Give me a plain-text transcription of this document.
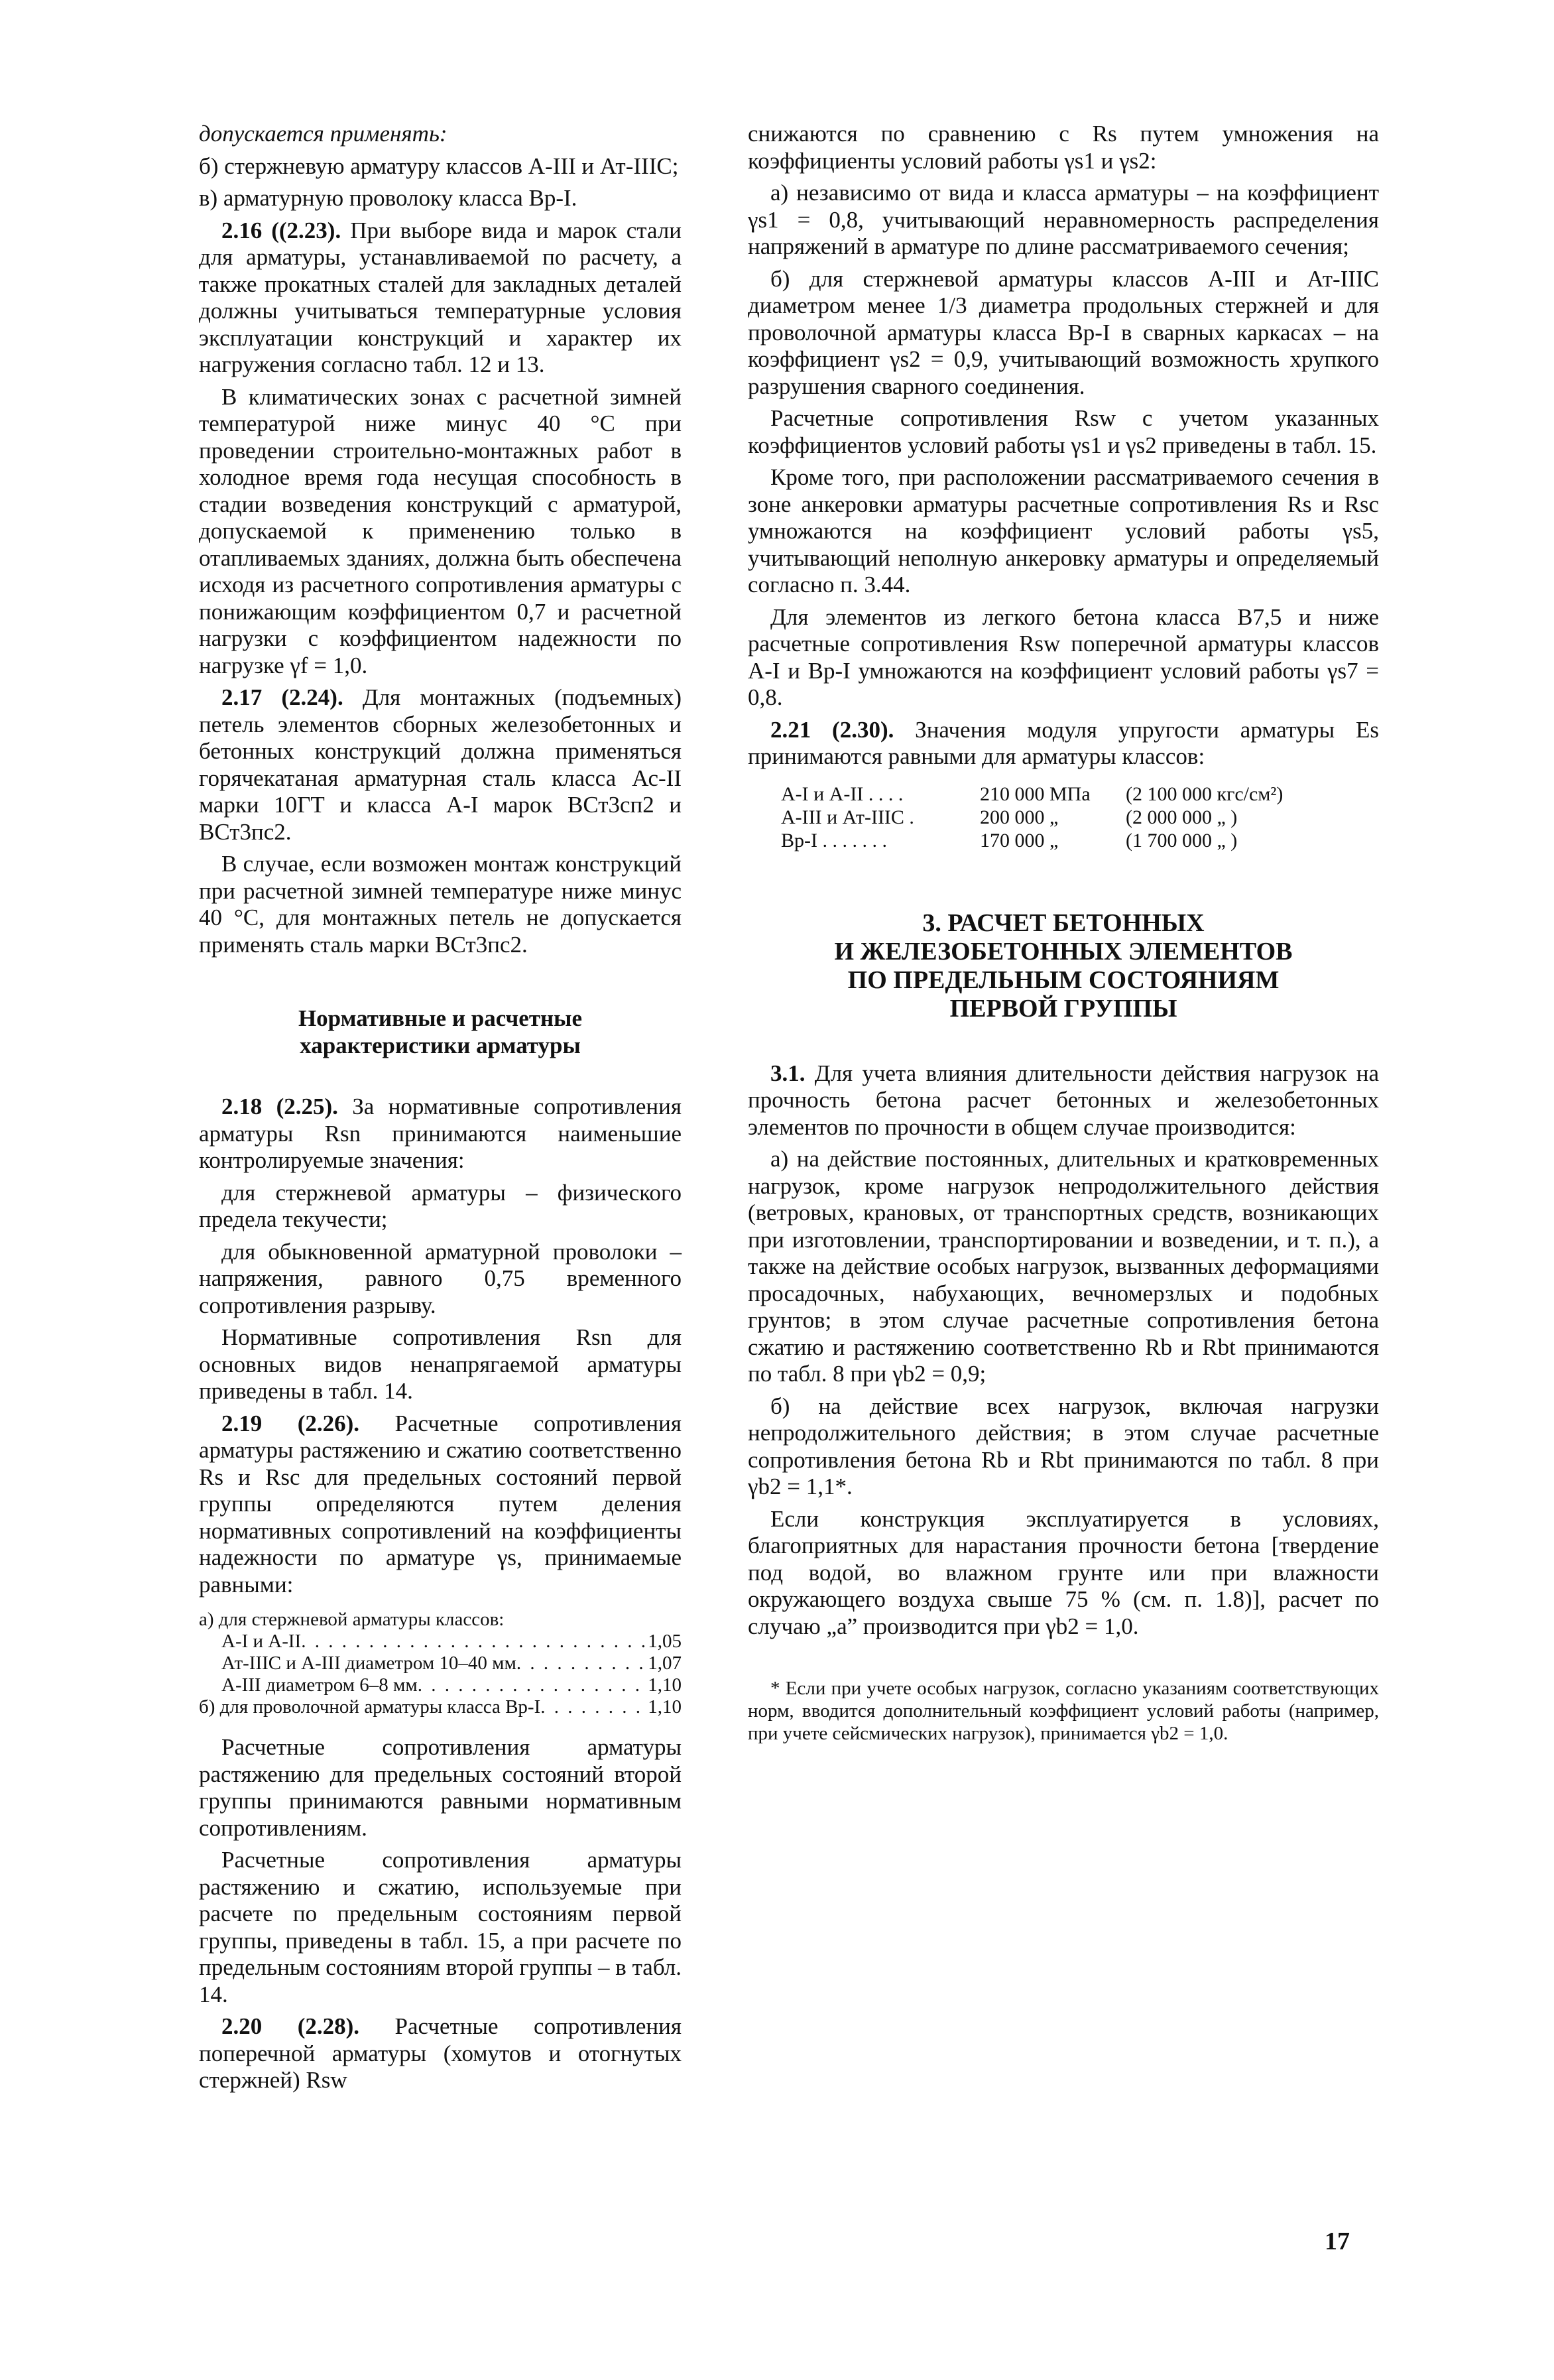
допускается применять:

б) стержневую арматуру классов А-III и Ат-IIIС;

в) арматурную проволоку класса Вр-I.

2.16 ((2.23). При выборе вида и марок стали для арматуры, устанавливаемой по расчету, а также прокатных сталей для закладных деталей должны учитываться температурные условия эксплуатации конструкций и характер их нагружения согласно табл. 12 и 13.

В климатических зонах с расчетной зимней температурой ниже минус 40 °С при проведении строительно-монтажных работ в холодное время года несущая способность в стадии возведения конструкций с арматурой, допускаемой к применению только в отапливаемых зданиях, должна быть обеспечена исходя из расчетного сопротивления арматуры с понижающим коэффициентом 0,7 и расчетной нагрузки с коэффициентом надежности по нагрузке γf = 1,0.

2.17 (2.24). Для монтажных (подъемных) петель элементов сборных железобетонных и бетонных конструкций должна применяться горячекатаная арматурная сталь класса Ас-II марки 10ГТ и класса А-I марок ВСт3сп2 и ВСт3пс2.

В случае, если возможен монтаж конструкций при расчетной зимней температуре ниже минус 40 °С, для монтажных петель не допускается применять сталь марки ВСт3пс2.

Нормативные и расчетные
характеристики арматуры

2.18 (2.25). За нормативные сопротивления арматуры Rsn принимаются наименьшие контролируемые значения:

для стержневой арматуры – физического предела текучести;

для обыкновенной арматурной проволоки – напряжения, равного 0,75 временного сопротивления разрыву.

Нормативные сопротивления Rsn для основных видов ненапрягаемой арматуры приведены в табл. 14.

2.19 (2.26). Расчетные сопротивления арматуры растяжению и сжатию соответственно Rs и Rsc для предельных состояний первой группы определяются путем деления нормативных сопротивлений на коэффициенты надежности по арматуре γs, принимаемые равными:

а) для стержневой арматуры классов:
А-I и А-II . . .	1,05
Ат-IIIС и А-III диаметром 10–40 мм . . .	1,07
А-III диаметром 6–8 мм . . .	1,10
б) для проволочной арматуры класса Вр-I . . .	1,10

Расчетные сопротивления арматуры растяжению для предельных состояний второй группы принимаются равными нормативным сопротивлениям.

Расчетные сопротивления арматуры растяжению и сжатию, используемые при расчете по предельным состояниям первой группы, приведены в табл. 15, а при расчете по предельным состояниям второй группы – в табл. 14.

2.20 (2.28). Расчетные сопротивления поперечной арматуры (хомутов и отогнутых стержней) Rsw

снижаются по сравнению с Rs путем умножения на коэффициенты условий работы γs1 и γs2:

а) независимо от вида и класса арматуры – на коэффициент γs1 = 0,8, учитывающий неравномерность распределения напряжений в арматуре по длине рассматриваемого сечения;

б) для стержневой арматуры классов А-III и Ат-IIIС диаметром менее 1/3 диаметра продольных стержней и для проволочной арматуры класса Вр-I в сварных каркасах – на коэффициент γs2 = 0,9, учитывающий возможность хрупкого разрушения сварного соединения.

Расчетные сопротивления Rsw с учетом указанных коэффициентов условий работы γs1 и γs2 приведены в табл. 15.

Кроме того, при расположении рассматриваемого сечения в зоне анкеровки арматуры расчетные сопротивления Rs и Rsc умножаются на коэффициент условий работы γs5, учитывающий неполную анкеровку арматуры и определяемый согласно п. 3.44.

Для элементов из легкого бетона класса В7,5 и ниже расчетные сопротивления Rsw поперечной арматуры классов А-I и Вр-I умножаются на коэффициент условий работы γs7 = 0,8.

2.21 (2.30). Значения модуля упругости арматуры Es принимаются равными для арматуры классов:

А-I и А-II . . . .	210 000 МПа	(2 100 000 кгс/см²)
А-III и Ат-IIIС .	200 000 „	(2 000 000 „ )
Вр-I . . . . . . .	170 000 „	(1 700 000 „ )
3. РАСЧЕТ БЕТОННЫХ
И ЖЕЛЕЗОБЕТОННЫХ ЭЛЕМЕНТОВ
ПО ПРЕДЕЛЬНЫМ СОСТОЯНИЯМ
ПЕРВОЙ ГРУППЫ

3.1. Для учета влияния длительности действия нагрузок на прочность бетона расчет бетонных и железобетонных элементов по прочности в общем случае производится:

а) на действие постоянных, длительных и кратковременных нагрузок, кроме нагрузок непродолжительного действия (ветровых, крановых, от транспортных средств, возникающих при изготовлении, транспортировании и возведении, и т. п.), а также на действие особых нагрузок, вызванных деформациями просадочных, набухающих, вечномерзлых и подобных грунтов; в этом случае расчетные сопротивления бетона сжатию и растяжению соответственно Rb и Rbt принимаются по табл. 8 при γb2 = 0,9;

б) на действие всех нагрузок, включая нагрузки непродолжительного действия; в этом случае расчетные сопротивления бетона Rb и Rbt принимаются по табл. 8 при γb2 = 1,1*.

Если конструкция эксплуатируется в условиях, благоприятных для нарастания прочности бетона [твердение под водой, во влажном грунте или при влажности окружающего воздуха свыше 75 % (см. п. 1.8)], расчет по случаю „а” производится при γb2 = 1,0.

* Если при учете особых нагрузок, согласно указаниям соответствующих норм, вводится дополнительный коэффициент условий работы (например, при учете сейсмических нагрузок), принимается γb2 = 1,0.
17
